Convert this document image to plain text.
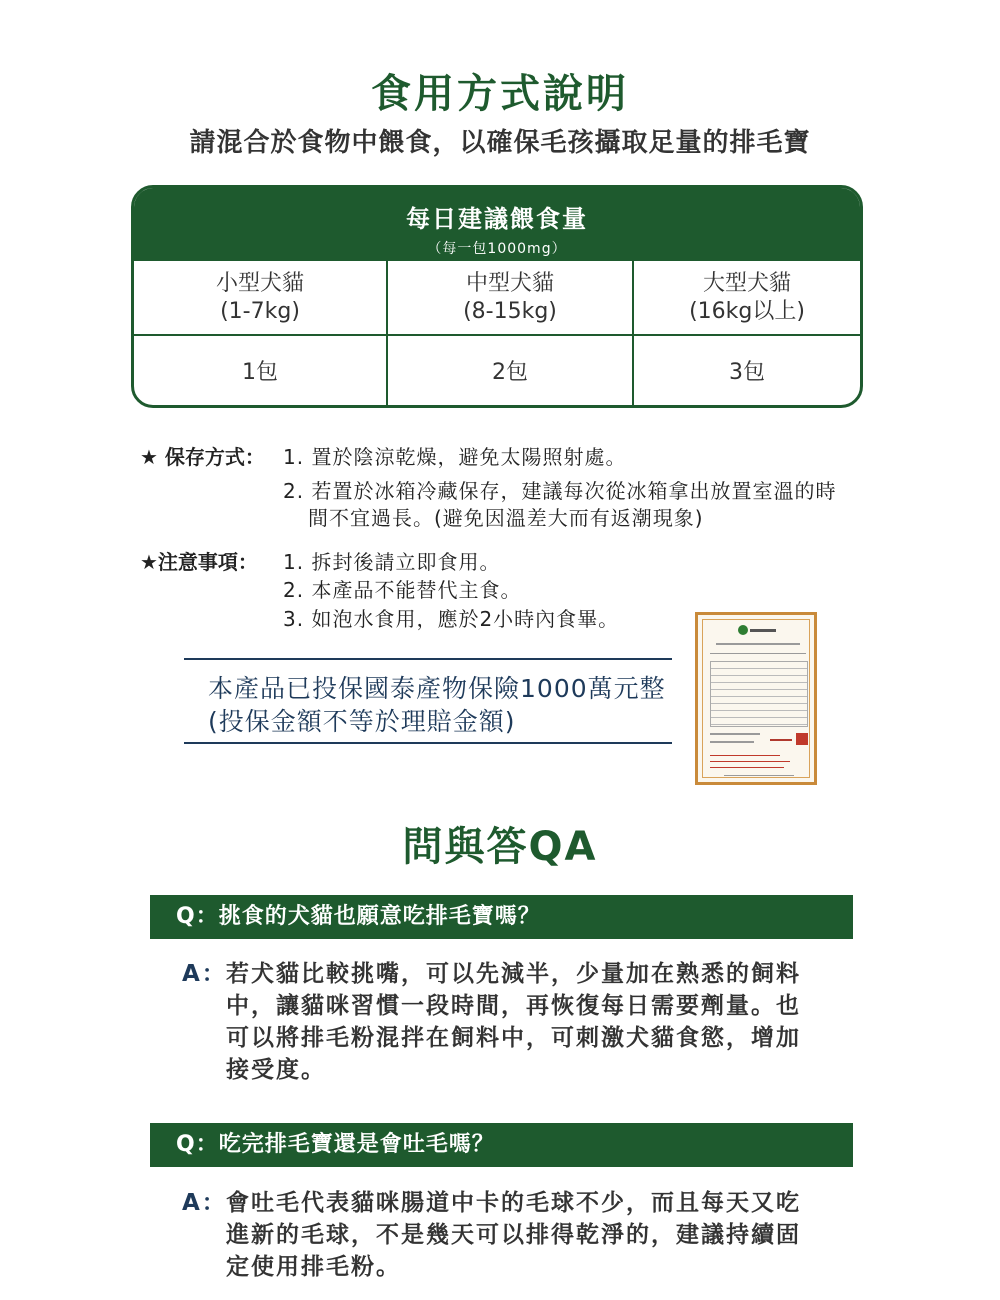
食用方式說明
請混合於食物中餵食，以確保毛孩攝取足量的排毛寶
每日建議餵食量
（每一包1000mg）
小型犬貓
(1-7kg)
中型犬貓
(8-15kg)
大型犬貓
(16kg以上)
1包	2包	3包
★ 保存方式： 1. 置於陰涼乾燥，避免太陽照射處。
2. 若置於冰箱冷藏保存，建議每次從冰箱拿出放置室溫的時
間不宜過長。(避免因溫差大而有返潮現象)
★注意事項： 1. 拆封後請立即食用。
2. 本產品不能替代主食。
3. 如泡水食用，應於2小時內食畢。
本產品已投保國泰產物保險1000萬元整
(投保金額不等於理賠金額)
問與答QA
Q：挑食的犬貓也願意吃排毛寶嗎？
A： 若犬貓比較挑嘴，可以先減半，少量加在熟悉的飼料
中，讓貓咪習慣一段時間，再恢復每日需要劑量。也
可以將排毛粉混拌在飼料中，可刺激犬貓食慾，增加
接受度。
Q：吃完排毛寶還是會吐毛嗎？
A： 會吐毛代表貓咪腸道中卡的毛球不少，而且每天又吃
進新的毛球，不是幾天可以排得乾淨的，建議持續固
定使用排毛粉。
